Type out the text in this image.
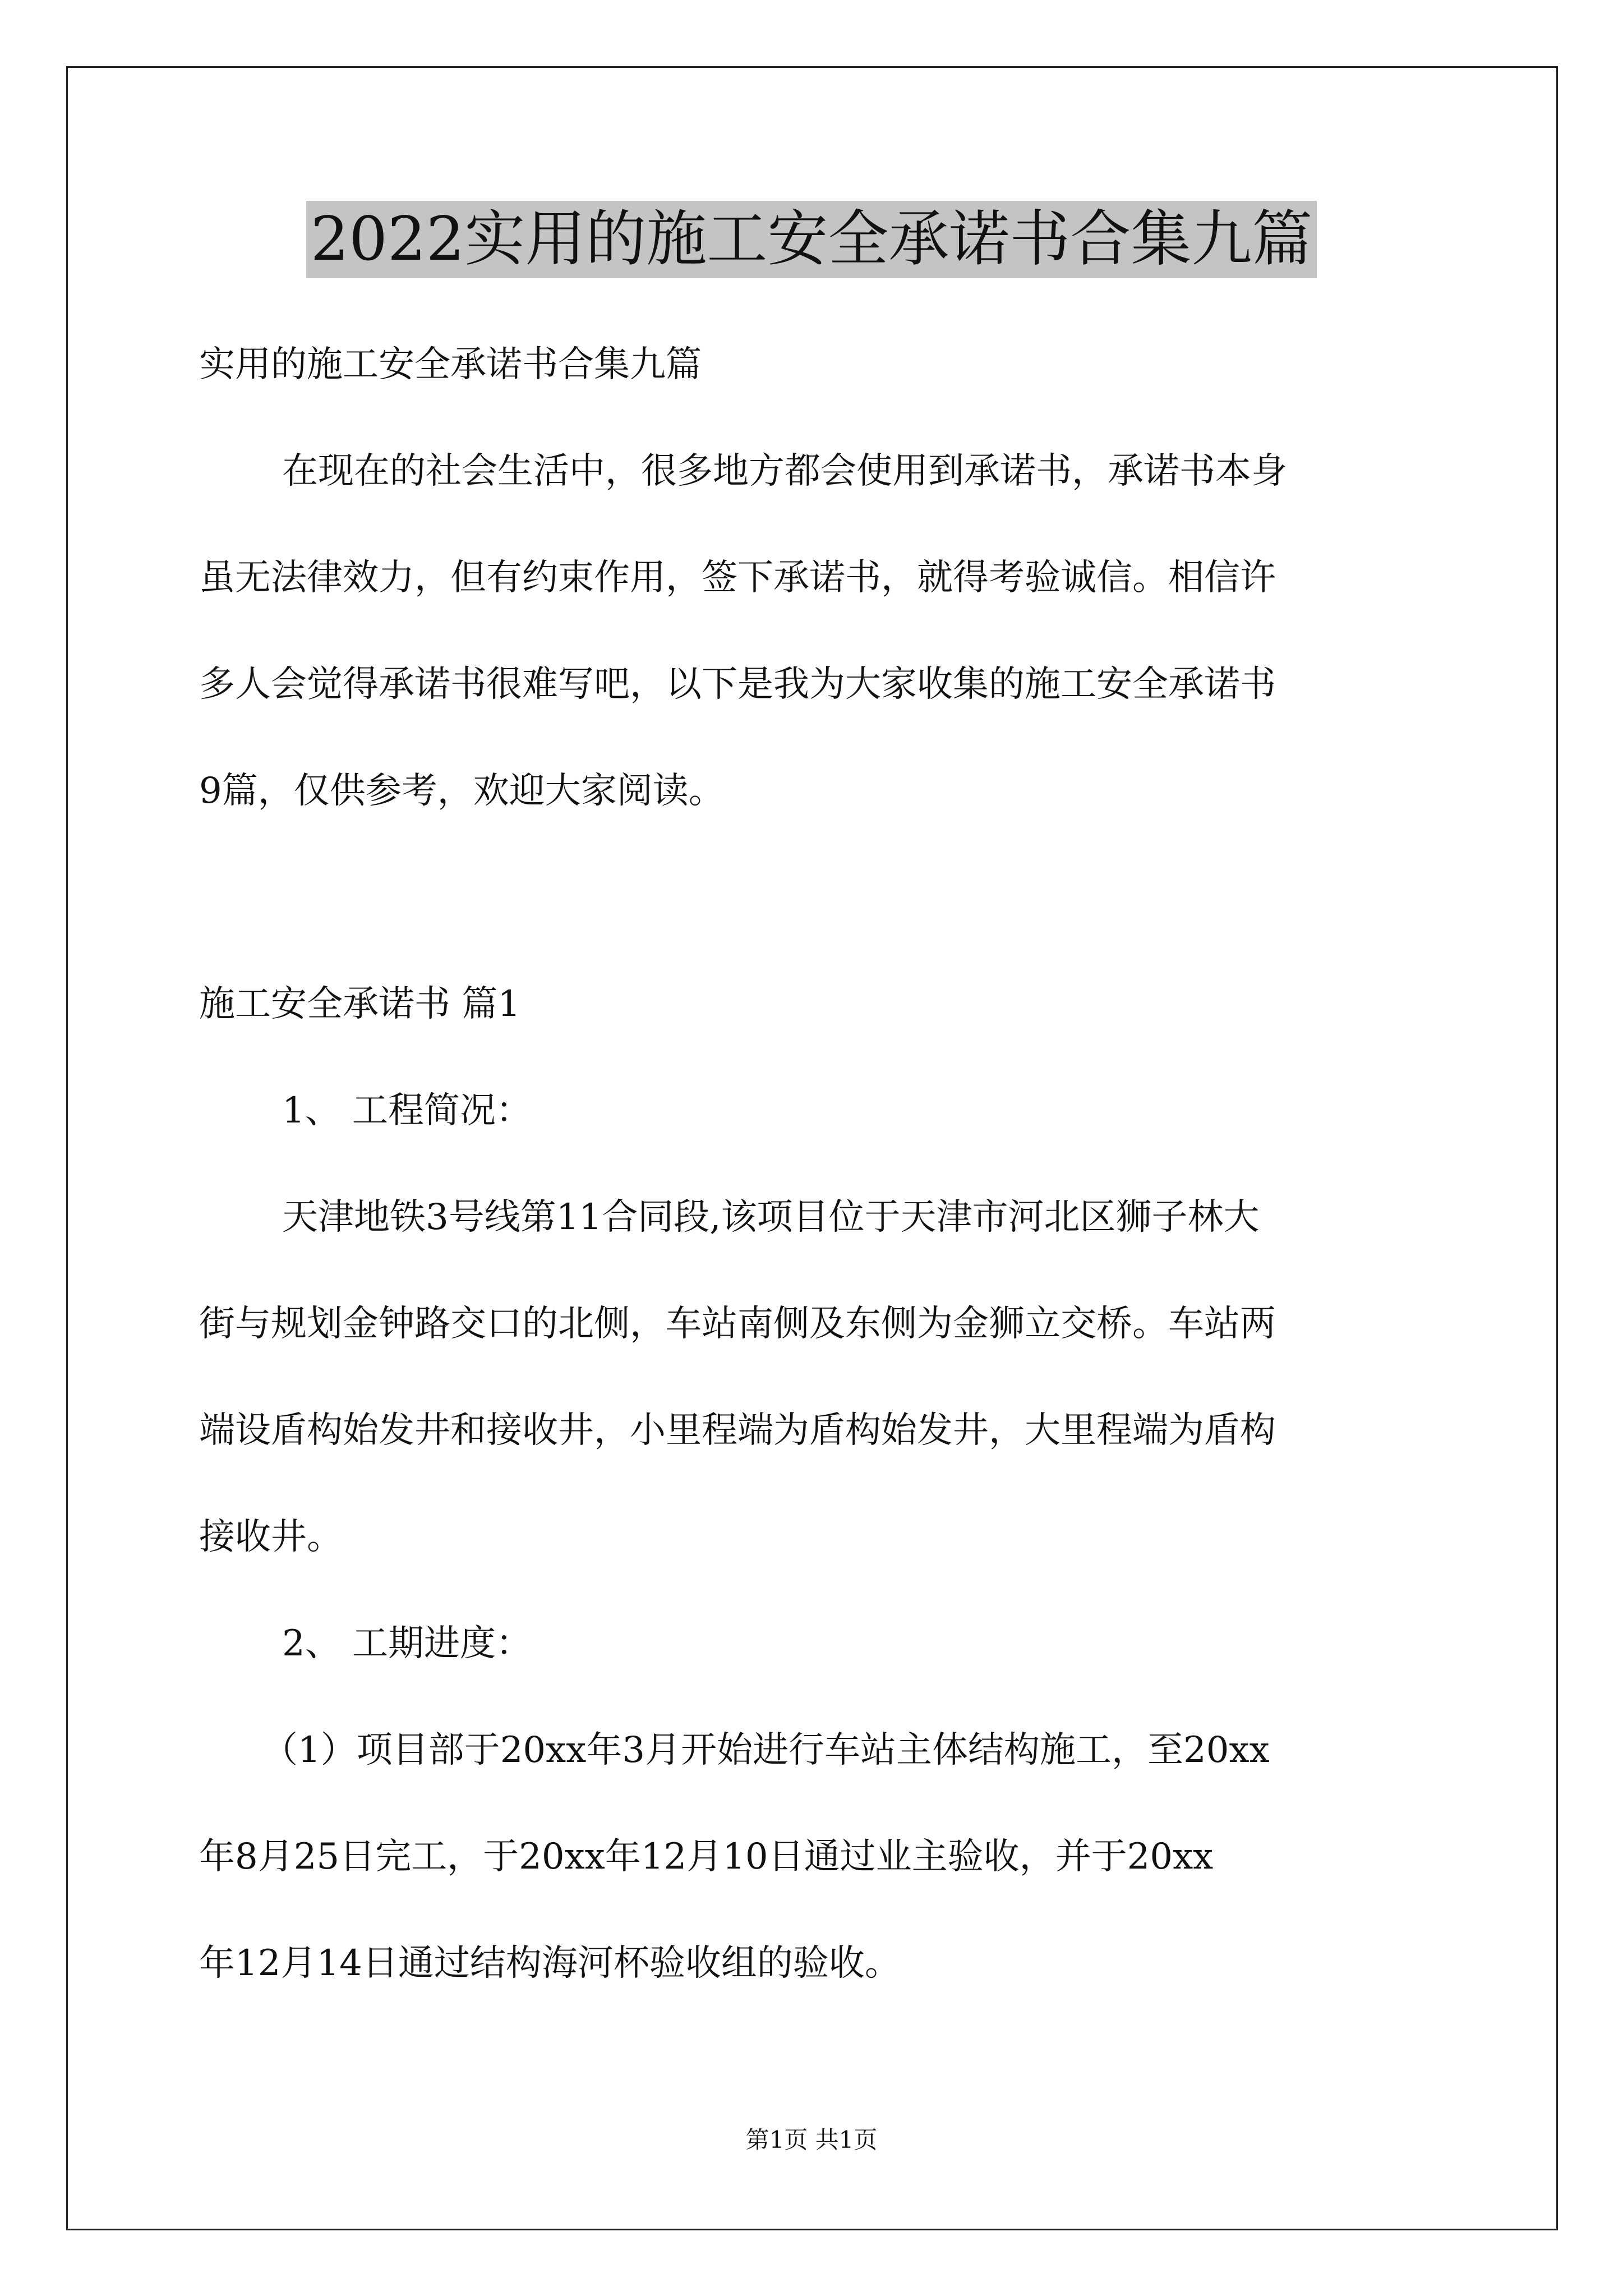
2022实用的施工安全承诺书合集九篇
实用的施工安全承诺书合集九篇
在现在的社会生活中，很多地方都会使用到承诺书，承诺书本身
虽无法律效力，但有约束作用，签下承诺书，就得考验诚信。相信许
多人会觉得承诺书很难写吧，以下是我为大家收集的施工安全承诺书
9篇，仅供参考，欢迎大家阅读。
施工安全承诺书 篇1
1、 工程简况：
天津地铁3号线第11合同段,该项目位于天津市河北区狮子林大
街与规划金钟路交口的北侧，车站南侧及东侧为金狮立交桥。车站两
端设盾构始发井和接收井，小里程端为盾构始发井，大里程端为盾构
接收井。
2、 工期进度：
（1）项目部于20xx年3月开始进行车站主体结构施工，至20xx
年8月25日完工，于20xx年12月10日通过业主验收，并于20xx
年12月14日通过结构海河杯验收组的验收。
第1页 共1页
